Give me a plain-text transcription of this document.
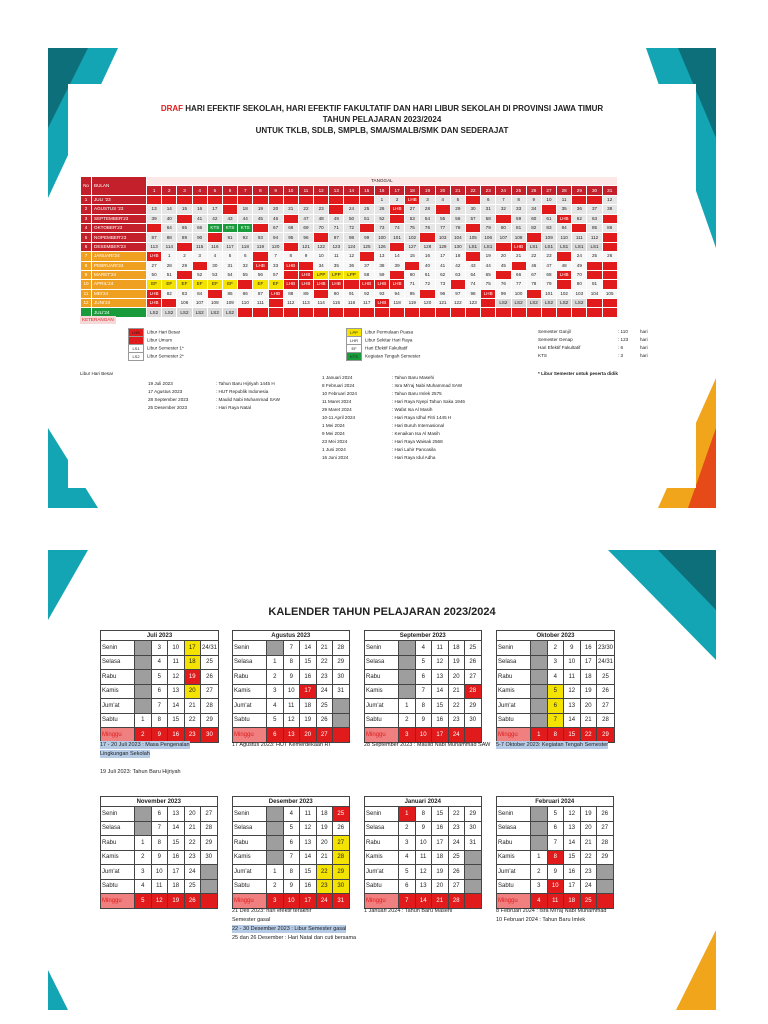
DRAF HARI EFEKTIF SEKOLAH, HARI EFEKTIF FAKULTATIF DAN HARI LIBUR SEKOLAH DI PROVINSI JAWA TIMUR
TAHUN PELAJARAN 2023/2024
UNTUK TKLB, SDLB, SMPLB, SMA/SMALB/SMK DAN SEDERAJAT
No	BULAN	TANGGAL																														
		1	2	3	4	5	6	7	8	9	10	11	12	13	14	15	16	17	18	19	20	21	22	23	24	25	26	27	28	29	30	31
1	JULI '23																1	2	LHB	3	4	5		6	7	8	9	10	11			12
2	AGUSTUS '23	13	14	15	16	17		18	19	20	21	22	23		24	25	26	LHB	27	28		29	30	31	32	33	34		35	36	37	38
3	SEPTEMBER'23	39	40		41	42	43	44	45	46		47	48	49	50	51	52		53	54	55	56	57	58		59	60	61	LHB	62	63	
4	OKTOBER'23		64	65	66	KTS	KTS	KTS		67	68	69	70	71	72		73	74	75	76	77	78		79	80	81	82	83	84		85	86
5	NOPEMBER'23	87	88	89	90		91	92	93	94	95	96		97	98	99	100	101	102		103	104	105	106	107	108		109	110	111	112	
6	DESEMBER'23	113	114		115	116	117	118	119	120		121	122	123	124	125	126		127	128	129	130	LS1	LS1		LHB	LS1	LS1	LS1	LS1	LS1	
7	JANUARI'24	LHB	1	2	3	4	5	6		7	8	9	10	11	12		13	14	15	16	17	18		19	20	21	22	23		24	25	26
8	PEBRUARI'24	27	28	29		30	31	32	LHB	33	LHB		34	35	36	37	38	39		40	41	42	43	44	45		46	47	48	49		
9	MARET'24	50	51		52	53	54	55	56	57		LHB	LPP	LPP	LPP	58	59		60	61	62	63	64	65		66	67	68	LHB	70		
10	APRIL'24	EF	EF	EF	EF	EF	EF		EF	EF	LHB	LHB	LHB	LHB		LHB	LHB	LHB	71	72	73		74	75	76	77	78	79		80	81	
11	MEI'24	LHB	82	83	84		85	86	87	LHB	88	89		90	91	92	93	94	95		96	97	98	LHB	99	100		101	102	103	104	105
12	JUNI'24	LHB		106	107	108	109	110	111		112	113	114	115	116	117	LHB	118	119	120	121	122	123		LS2	LS2	LS2	LS2	LS2	LS2		
	JULI'24	LS2	LS2	LS2	LS2	LS2	LS2																									
KETERANGAN
LHB Libur Hari Besar
Libur Umum
LS1 Libur Semester 1*
LS2 Libur Semester 2*
LPP Libur Permulaan Puasa
LHR Libur Sekitar Hari Raya
EF Hari Efektif Fakultatif
KTS Kegiatan Tengah Semester
Semester Ganjil	: 110	hari
Semester Genap	: 123	hari
Hari Efektif Fakultatif	: 6	hari
KTS	: 3	hari
* Libur Semester untuk peserta didik
Libur Hari Besar
19 Juli 2023	: Tahun Baru Hijriyah 1445 H
17 Agustus 2023	: HUT Republik Indonesia
28 September 2023	: Maulid Nabi Muhammad SAW
25 Desember 2023	: Hari Raya Natal
1 Januari 2024	: Tahun Baru Masehi
8 Februari 2024	: Isra Mi'raj Nabi Muhammad SAW
10 Februari 2024	: Tahun Baru Imlek 2575
11 Maret 2024	: Hari Raya Nyepi Tahun Saka 1946
29 Maret 2024	: Wafat Isa Al Masih
10-11 April 2024	: Hari Raya Idhul Fitri 1445 H
1 Mei 2024	: Hari Buruh Internasional
9 Mei 2024	: Kenaikan Isa Al Masih
23 Mei 2024	: Hari Raya Waisak 2568
1 Juni 2024	: Hari Lahir Pancasila
16 Juni 2024	: Hari Raya Idul Adha
KALENDER TAHUN PELAJARAN 2023/2024
Juli 2023					
Senin		3	10	17	24/31
Selasa		4	11	18	25
Rabu		5	12	19	26
Kamis		6	13	20	27
Jum'at		7	14	21	28
Sabtu	1	8	15	22	29
Minggu	2	9	16	23	30
17 - 20 Juli 2023 : Masa Pengenalan
Lingkungan Sekolah
19 Juli 2023: Tahun Baru Hijriyah
Agustus 2023					
Senin		7	14	21	28
Selasa	1	8	15	22	29
Rabu	2	9	16	23	30
Kamis	3	10	17	24	31
Jum'at	4	11	18	25	
Sabtu	5	12	19	26	
Minggu	6	13	20	27	
17 Agustus 2023: HUT Kemerdekaan RI
September 2023					
Senin		4	11	18	25
Selasa		5	12	19	26
Rabu		6	13	20	27
Kamis		7	14	21	28
Jum'at	1	8	15	22	29
Sabtu	2	9	16	23	30
Minggu	3	10	17	24	
28 September 2023 : Maulid Nabi Muhammad SAW
Oktober 2023					
Senin		2	9	16	23/30
Selasa		3	10	17	24/31
Rabu		4	11	18	25
Kamis		5	12	19	26
Jum'at		6	13	20	27
Sabtu		7	14	21	28
Minggu	1	8	15	22	29
5-7 Oktober 2023: Kegiatan Tengah Semester
November 2023					
Senin		6	13	20	27
Selasa		7	14	21	28
Rabu	1	8	15	22	29
Kamis	2	9	16	23	30
Jum'at	3	10	17	24	
Sabtu	4	11	18	25	
Minggu	5	12	19	26	
Desember 2023					
Senin		4	11	18	25
Selasa		5	12	19	26
Rabu		6	13	20	27
Kamis		7	14	21	28
Jum'at	1	8	15	22	29
Sabtu	2	9	16	23	30
Minggu	3	10	17	24	31
21 Des 2023: hari efektif terakhir
Semester gasal
22 - 30 Desember 2023 : Libur Semester gasal
25 dan 26 Desember : Hari Natal dan cuti bersama
Januari 2024					
Senin	1	8	15	22	29
Selasa	2	9	16	23	30
Rabu	3	10	17	24	31
Kamis	4	11	18	25	
Jum'at	5	12	19	26	
Sabtu	6	13	20	27	
Minggu	7	14	21	28	
1 Januari 2024 : Tahun Baru Masehi
Februari 2024					
Senin		5	12	19	26
Selasa		6	13	20	27
Rabu		7	14	21	28
Kamis	1	8	15	22	29
Jum'at	2	9	16	23	
Sabtu	3	10	17	24	
Minggu	4	11	18	25	
8 Februari 2024 : Isra Mi'raj Nabi Muhammad
10 Februari 2024 : Tahun Baru Imlek
